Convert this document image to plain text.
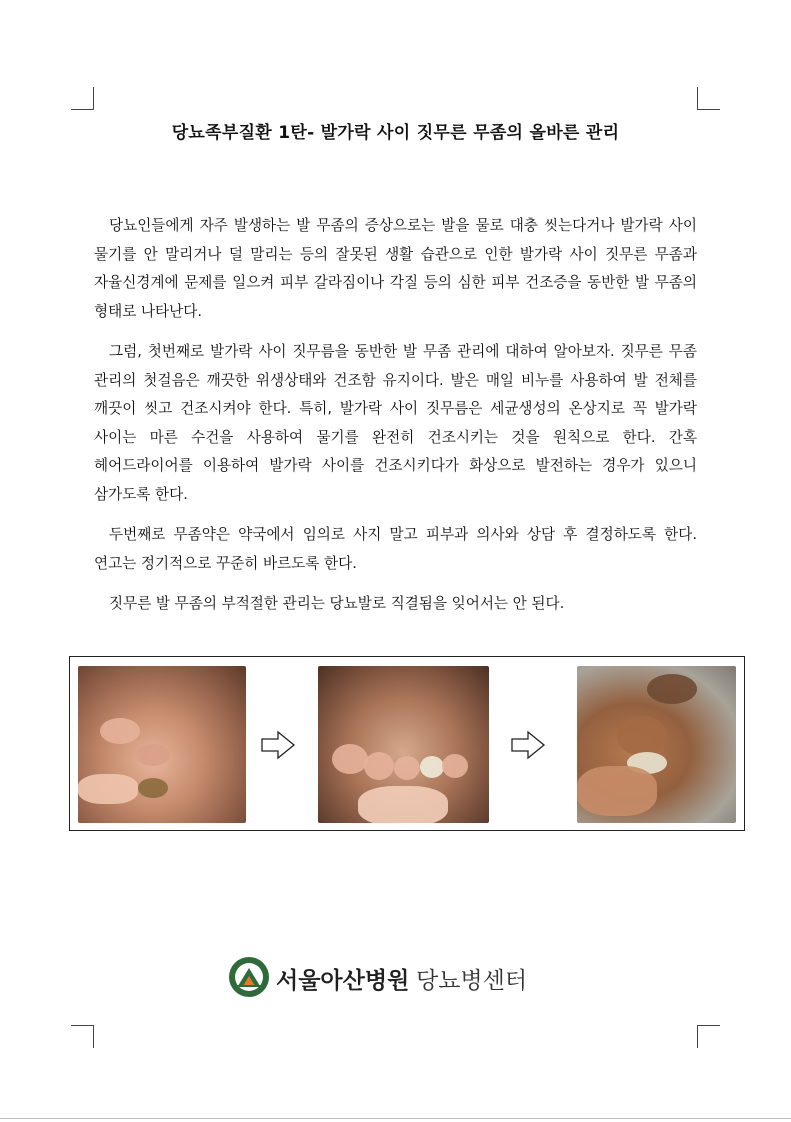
당뇨족부질환 1탄- 발가락 사이 짓무른 무좀의 올바른 관리

당뇨인들에게 자주 발생하는 발 무좀의 증상으로는 발을 물로 대충 씻는다거나 발가락 사이 물기를 안 말리거나 덜 말리는 등의 잘못된 생활 습관으로 인한 발가락 사이 짓무른 무좀과 자율신경계에 문제를 일으켜 피부 갈라짐이나 각질 등의 심한 피부 건조증을 동반한 발 무좀의 형태로 나타난다.

그럼, 첫번째로 발가락 사이 짓무름을 동반한 발 무좀 관리에 대하여 알아보자. 짓무른 무좀 관리의 첫걸음은 깨끗한 위생상태와 건조함 유지이다. 발은 매일 비누를 사용하여 발 전체를 깨끗이 씻고 건조시켜야 한다. 특히, 발가락 사이 짓무름은 세균생성의 온상지로 꼭 발가락 사이는 마른 수건을 사용하여 물기를 완전히 건조시키는 것을 원칙으로 한다. 간혹 헤어드라이어를 이용하여 발가락 사이를 건조시키다가 화상으로 발전하는 경우가 있으니 삼가도록 한다.

두번째로 무좀약은 약국에서 임의로 사지 말고 피부과 의사와 상담 후 결정하도록 한다. 연고는 정기적으로 꾸준히 바르도록 한다.

짓무른 발 무좀의 부적절한 관리는 당뇨발로 직결됨을 잊어서는 안 된다.

서울아산병원 당뇨병센터
